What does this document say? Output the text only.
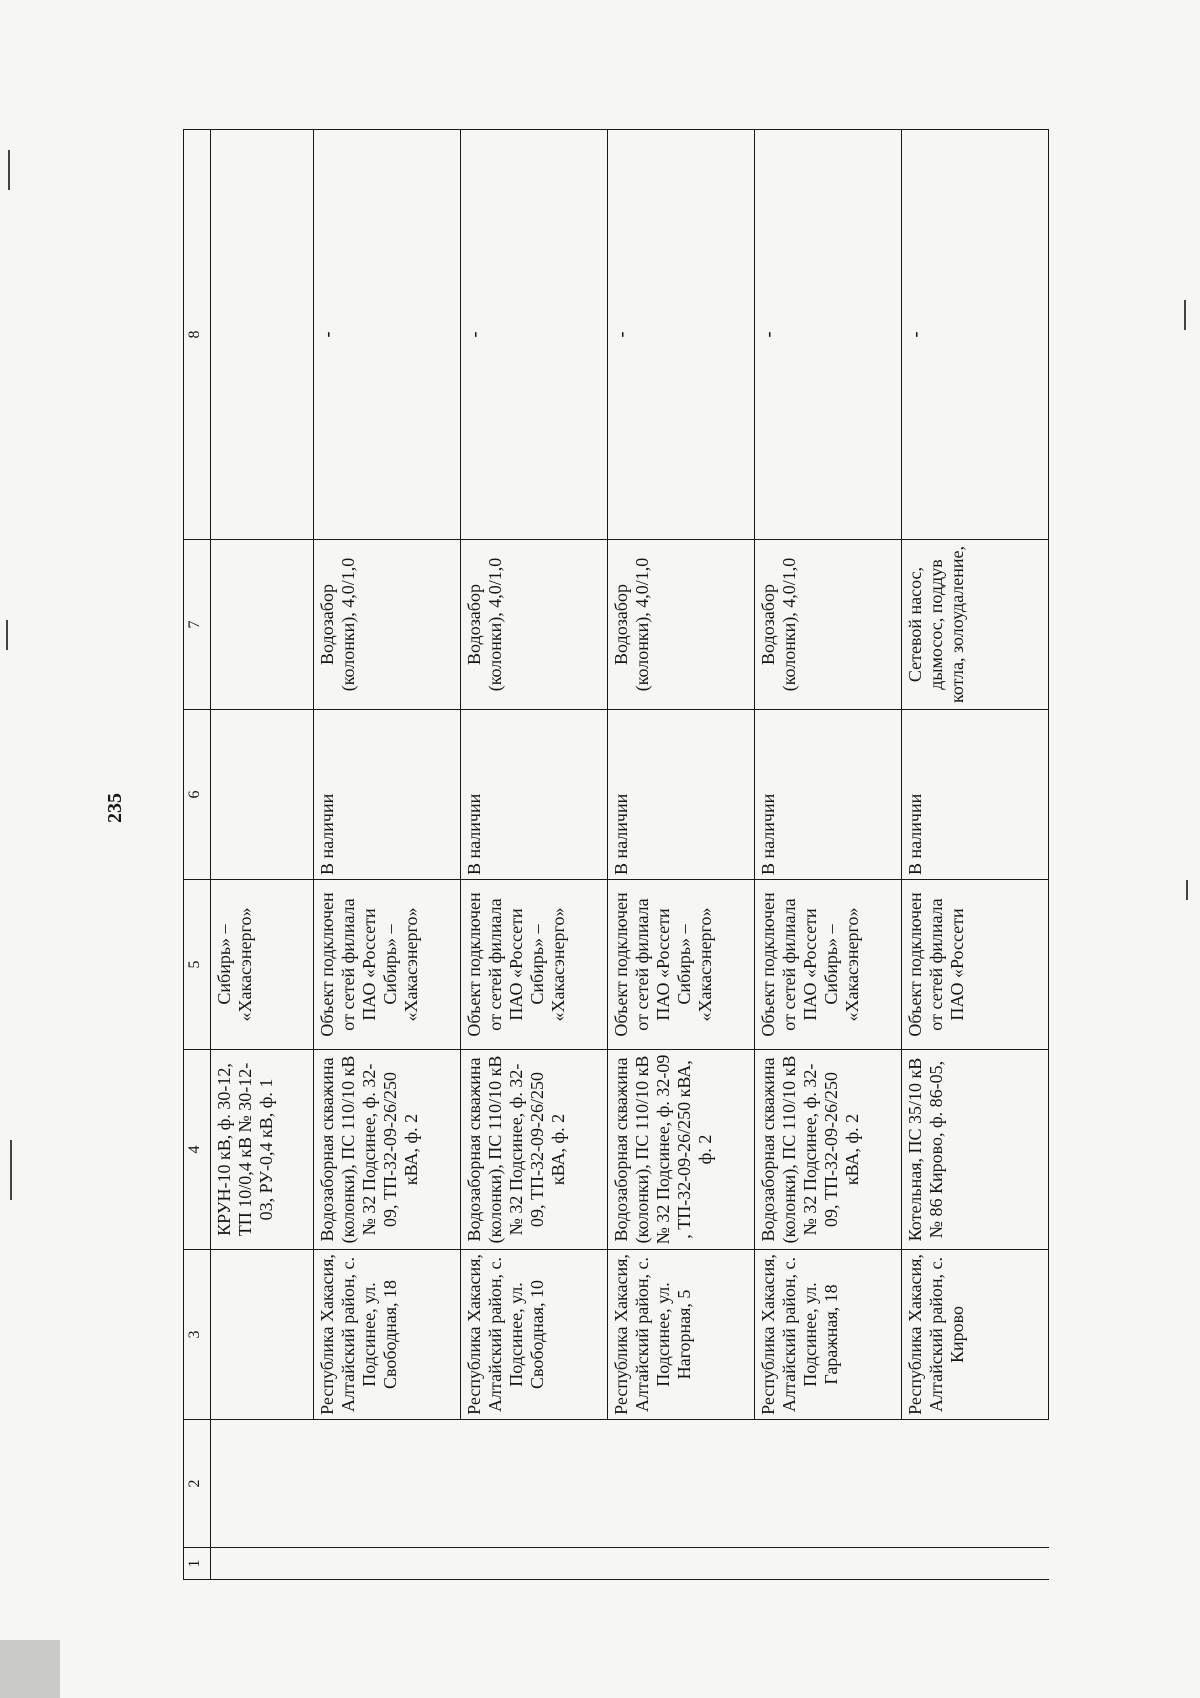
235
1	2	3	4	5	6	7	8
			КРУН-10 кВ, ф. 30-12, ТП 10/0,4 кВ № 30-12-03, РУ-0,4 кВ, ф. 1	Сибирь» – «Хакасэнерго»			
		Республика Хакасия, Алтайский район, с. Подсинее, ул. Свободная, 18	Водозаборная скважина (колонки), ПС 110/10 кВ № 32 Подсинее, ф. 32-09, ТП-32-09-26/250 кВА, ф. 2	Объект подключен от сетей филиала ПАО «Россети Сибирь» – «Хакасэнерго»	В наличии	Водозабор (колонки), 4,0/1,0	-
		Республика Хакасия, Алтайский район, с. Подсинее, ул. Свободная, 10	Водозаборная скважина (колонки), ПС 110/10 кВ № 32 Подсинее, ф. 32-09, ТП-32-09-26/250 кВА, ф. 2	Объект подключен от сетей филиала ПАО «Россети Сибирь» – «Хакасэнерго»	В наличии	Водозабор (колонки), 4,0/1,0	-
		Республика Хакасия, Алтайский район, с. Подсинее, ул. Нагорная, 5	Водозаборная скважина (колонки), ПС 110/10 кВ № 32 Подсинее, ф. 32-09 , ТП-32-09-26/250 кВА, ф. 2	Объект подключен от сетей филиала ПАО «Россети Сибирь» – «Хакасэнерго»	В наличии	Водозабор (колонки), 4,0/1,0	-
		Республика Хакасия, Алтайский район, с. Подсинее, ул. Гаражная, 18	Водозаборная скважина (колонки), ПС 110/10 кВ № 32 Подсинее, ф. 32-09, ТП-32-09-26/250 кВА, ф. 2	Объект подключен от сетей филиала ПАО «Россети Сибирь» – «Хакасэнерго»	В наличии	Водозабор (колонки), 4,0/1,0	-
		Республика Хакасия, Алтайский район, с. Кирово	Котельная, ПС 35/10 кВ № 86 Кирово, ф. 86-05,	Объект подключен от сетей филиала ПАО «Россети	В наличии	Сетевой насос, дымосос, поддув котла, золоудаление,	-
